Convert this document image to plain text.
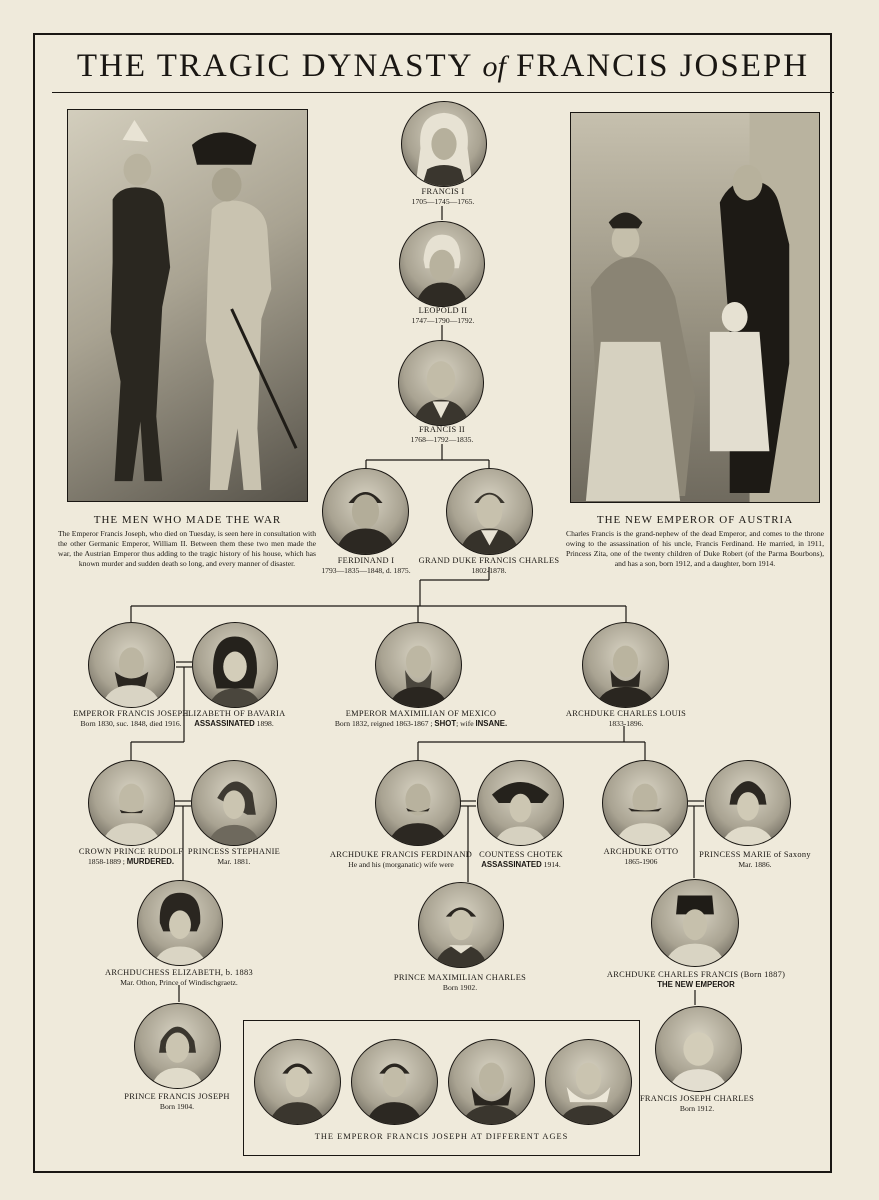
THE TRAGIC DYNASTY of FRANCIS JOSEPH
THE MEN WHO MADE THE WAR
The Emperor Francis Joseph, who died on Tuesday, is seen here in consultation with the other Germanic Emperor, William II. Between them these two men made the war, the Austrian Emperor thus adding to the tragic history of his house, which has known murder and sudden death so long, and every manner of disaster.
THE NEW EMPEROR OF AUSTRIA
Charles Francis is the grand-nephew of the dead Emperor, and comes to the throne owing to the assassination of his uncle, Francis Ferdinand. He married, in 1911, Princess Zita, one of the twenty children of Duke Robert (of the Parma Bourbons), and has a son, born 1912, and a daughter, born 1914.
FRANCIS I
1705—1745—1765.
LEOPOLD II
1747—1790—1792.
FRANCIS II
1768—1792—1835.
FERDINAND I
1793—1835—1848, d. 1875.
GRAND DUKE FRANCIS CHARLES
1802-1878.
EMPEROR FRANCIS JOSEPH
Born 1830, suc. 1848, died 1916.
ELIZABETH OF BAVARIA
ASSASSINATED 1898.
EMPEROR MAXIMILIAN OF MEXICO
Born 1832, reigned 1863-1867 ; SHOT; wife INSANE.
ARCHDUKE CHARLES LOUIS
1833-1896.
CROWN PRINCE RUDOLF
1858-1889 ; MURDERED.
PRINCESS STEPHANIE
Mar. 1881.
ARCHDUKE FRANCIS FERDINAND
He and his (morganatic) wife were
COUNTESS CHOTEK
ASSASSINATED 1914.
ARCHDUKE OTTO
1865-1906
PRINCESS MARIE of Saxony
Mar. 1886.
ARCHDUCHESS ELIZABETH, b. 1883
Mar. Othon, Prince of Windischgraetz.	PRINCE MAXIMILIAN CHARLES
Born 1902.
ARCHDUKE CHARLES FRANCIS (Born 1887)
THE NEW EMPEROR
PRINCE FRANCIS JOSEPH
Born 1904.
FRANCIS JOSEPH CHARLES
Born 1912.
THE EMPEROR FRANCIS JOSEPH AT DIFFERENT AGES
